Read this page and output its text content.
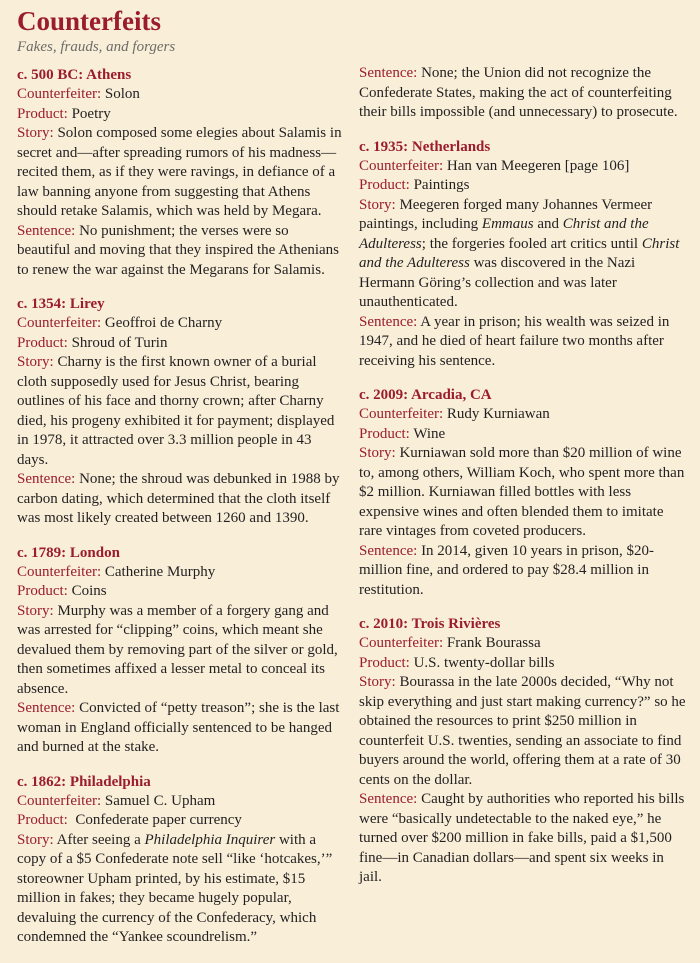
Counterfeits
Fakes, frauds, and forgers
c. 500 BC: Athens

Counterfeiter: Solon

Product: Poetry

Story: Solon composed some elegies about Salamis in secret and—after spreading rumors of his madness—recited them, as if they were ravings, in defiance of a law banning anyone from suggesting that Athens should retake Salamis, which was held by Megara.

Sentence: No punishment; the verses were so beautiful and moving that they inspired the Athenians to renew the war against the Megarans for Salamis.

c. 1354: Lirey

Counterfeiter: Geoffroi de Charny

Product: Shroud of Turin

Story: Charny is the first known owner of a burial cloth supposedly used for Jesus Christ, bearing outlines of his face and thorny crown; after Charny died, his progeny exhibited it for payment; displayed in 1978, it attracted over 3.3 million people in 43 days.

Sentence: None; the shroud was debunked in 1988 by carbon dating, which determined that the cloth itself was most likely created between 1260 and 1390.

c. 1789: London

Counterfeiter: Catherine Murphy

Product: Coins

Story: Murphy was a member of a forgery gang and was arrested for “clipping” coins, which meant she devalued them by removing part of the silver or gold, then sometimes affixed a lesser metal to conceal its absence.

Sentence: Convicted of “petty treason”; she is the last woman in England officially sentenced to be hanged and burned at the stake.

c. 1862: Philadelphia

Counterfeiter: Samuel C. Upham

Product:  Confederate paper currency

Story: After seeing a Philadelphia Inquirer with a copy of a $5 Confederate note sell “like ‘hotcakes,’” storeowner Upham printed, by his estimate, $15 million in fakes; they became hugely popular, devaluing the currency of the Confederacy, which condemned the “Yankee scoundrelism.”

Sentence: None; the Union did not recognize the Confederate States, making the act of counterfeiting their bills impossible (and unnecessary) to prosecute.

c. 1935: Netherlands

Counterfeiter: Han van Meegeren [page 106]

Product: Paintings

Story: Meegeren forged many Johannes Vermeer paintings, including Emmaus and Christ and the Adulteress; the forgeries fooled art critics until Christ and the Adulteress was discovered in the Nazi Hermann Göring’s collection and was later unauthenticated.

Sentence: A year in prison; his wealth was seized in 1947, and he died of heart failure two months after receiving his sentence.

c. 2009: Arcadia, CA

Counterfeiter: Rudy Kurniawan

Product: Wine

Story: Kurniawan sold more than $20 million of wine to, among others, William Koch, who spent more than $2 million. Kurniawan filled bottles with less expensive wines and often blended them to imitate rare vintages from coveted producers.

Sentence: In 2014, given 10 years in prison, $20-million fine, and ordered to pay $28.4 million in restitution.

c. 2010: Trois Rivières

Counterfeiter: Frank Bourassa

Product: U.S. twenty-dollar bills

Story: Bourassa in the late 2000s decided, “Why not skip everything and just start making currency?” so he obtained the resources to print $250 million in counterfeit U.S. twenties, sending an associate to find buyers around the world, offering them at a rate of 30 cents on the dollar.

Sentence: Caught by authorities who reported his bills were “basically undetectable to the naked eye,” he turned over $200 million in fake bills, paid a $1,500 fine—in Canadian dollars—and spent six weeks in jail.
